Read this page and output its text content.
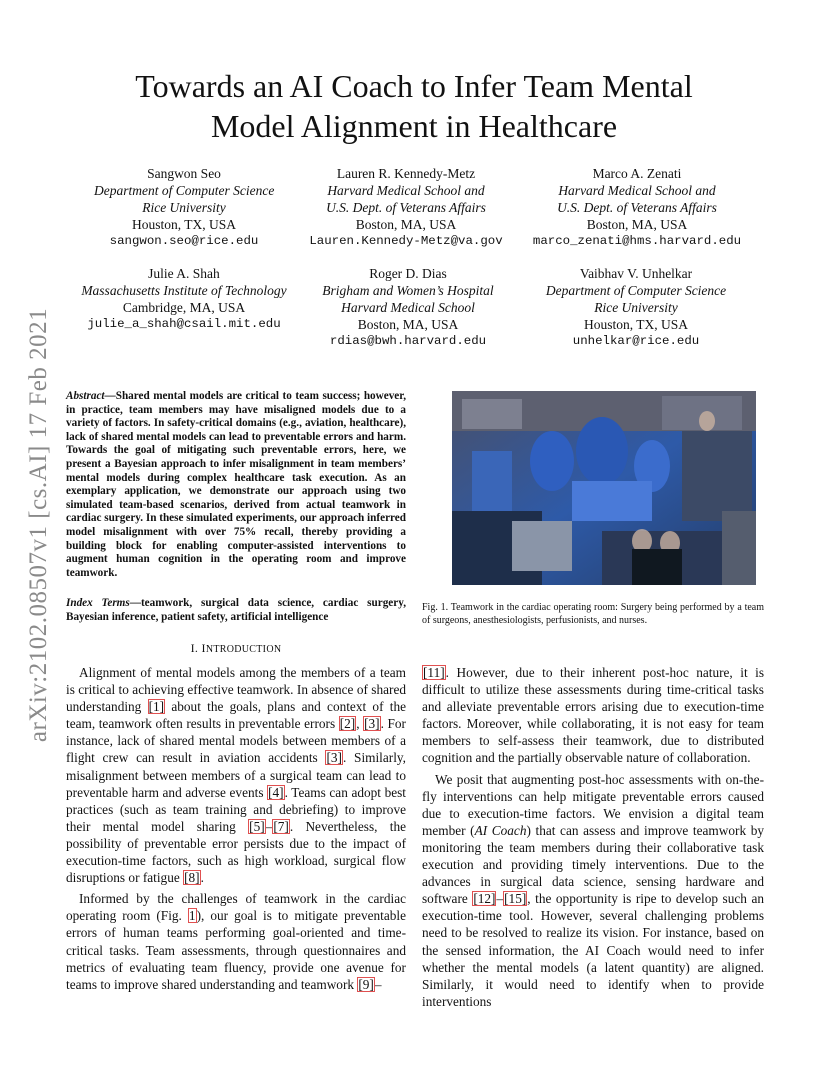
arXiv:2102.08507v1 [cs.AI] 17 Feb 2021
Towards an AI Coach to Infer Team Mental
Model Alignment in Healthcare
Sangwon Seo
Department of Computer Science
Rice University
Houston, TX, USA
sangwon.seo@rice.edu
Lauren R. Kennedy-Metz
Harvard Medical School and
U.S. Dept. of Veterans Affairs
Boston, MA, USA
Lauren.Kennedy-Metz@va.gov
Marco A. Zenati
Harvard Medical School and
U.S. Dept. of Veterans Affairs
Boston, MA, USA
marco_zenati@hms.harvard.edu
Julie A. Shah
Massachusetts Institute of Technology
Cambridge, MA, USA
julie_a_shah@csail.mit.edu
Roger D. Dias
Brigham and Women’s Hospital
Harvard Medical School
Boston, MA, USA
rdias@bwh.harvard.edu
Vaibhav V. Unhelkar
Department of Computer Science
Rice University
Houston, TX, USA
unhelkar@rice.edu
Abstract—Shared mental models are critical to team success; however, in practice, team members may have misaligned models due to a variety of factors. In safety-critical domains (e.g., aviation, healthcare), lack of shared mental models can lead to preventable errors and harm. Towards the goal of mitigating such preventable errors, here, we present a Bayesian approach to infer misalignment in team members’ mental models during complex healthcare task execution. As an exemplary application, we demonstrate our approach using two simulated team-based scenarios, derived from actual teamwork in cardiac surgery. In these simulated experiments, our approach inferred model misalignment with over 75% recall, thereby providing a building block for enabling computer-assisted interventions to augment human cognition in the operating room and improve teamwork.
Index Terms—teamwork, surgical data science, cardiac surgery, Bayesian inference, patient safety, artificial intelligence
I. INTRODUCTION

Alignment of mental models among the members of a team is critical to achieving effective teamwork. In absence of shared understanding [1] about the goals, plans and context of the team, teamwork often results in preventable errors [2], [3]. For instance, lack of shared mental models between members of a flight crew can result in aviation accidents [3]. Similarly, misalignment between members of a surgical team can lead to preventable harm and adverse events [4]. Teams can adopt best practices (such as team training and debriefing) to improve their mental model sharing [5]–[7]. Nevertheless, the possibility of preventable error persists due to the impact of execution-time factors, such as high workload, surgical flow disruptions or fatigue [8].

Informed by the challenges of teamwork in the cardiac operating room (Fig. 1), our goal is to mitigate preventable errors of human teams performing goal-oriented and time-critical tasks. Team assessments, through questionnaires and metrics of evaluating team fluency, provide one avenue for teams to improve shared understanding and teamwork [9]–

Fig. 1. Teamwork in the cardiac operating room: Surgery being performed by a team of surgeons, anesthesiologists, perfusionists, and nurses.

[11]. However, due to their inherent post-hoc nature, it is difficult to utilize these assessments during time-critical tasks and alleviate preventable errors arising due to execution-time factors. Moreover, while collaborating, it is not easy for team members to self-assess their teamwork, due to distributed cognition and the partially observable nature of collaboration.

We posit that augmenting post-hoc assessments with on-the-fly interventions can help mitigate preventable errors caused due to execution-time factors. We envision a digital team member (AI Coach) that can assess and improve teamwork by monitoring the team members during their collaborative task execution and providing timely interventions. Due to the advances in surgical data science, sensing hardware and software [12]–[15], the opportunity is ripe to develop such an execution-time tool. However, several challenging problems need to be resolved to realize its vision. For instance, based on the sensed information, the AI Coach would need to infer whether the mental models (a latent quantity) are aligned. Similarly, it would need to identify when to provide interventions
